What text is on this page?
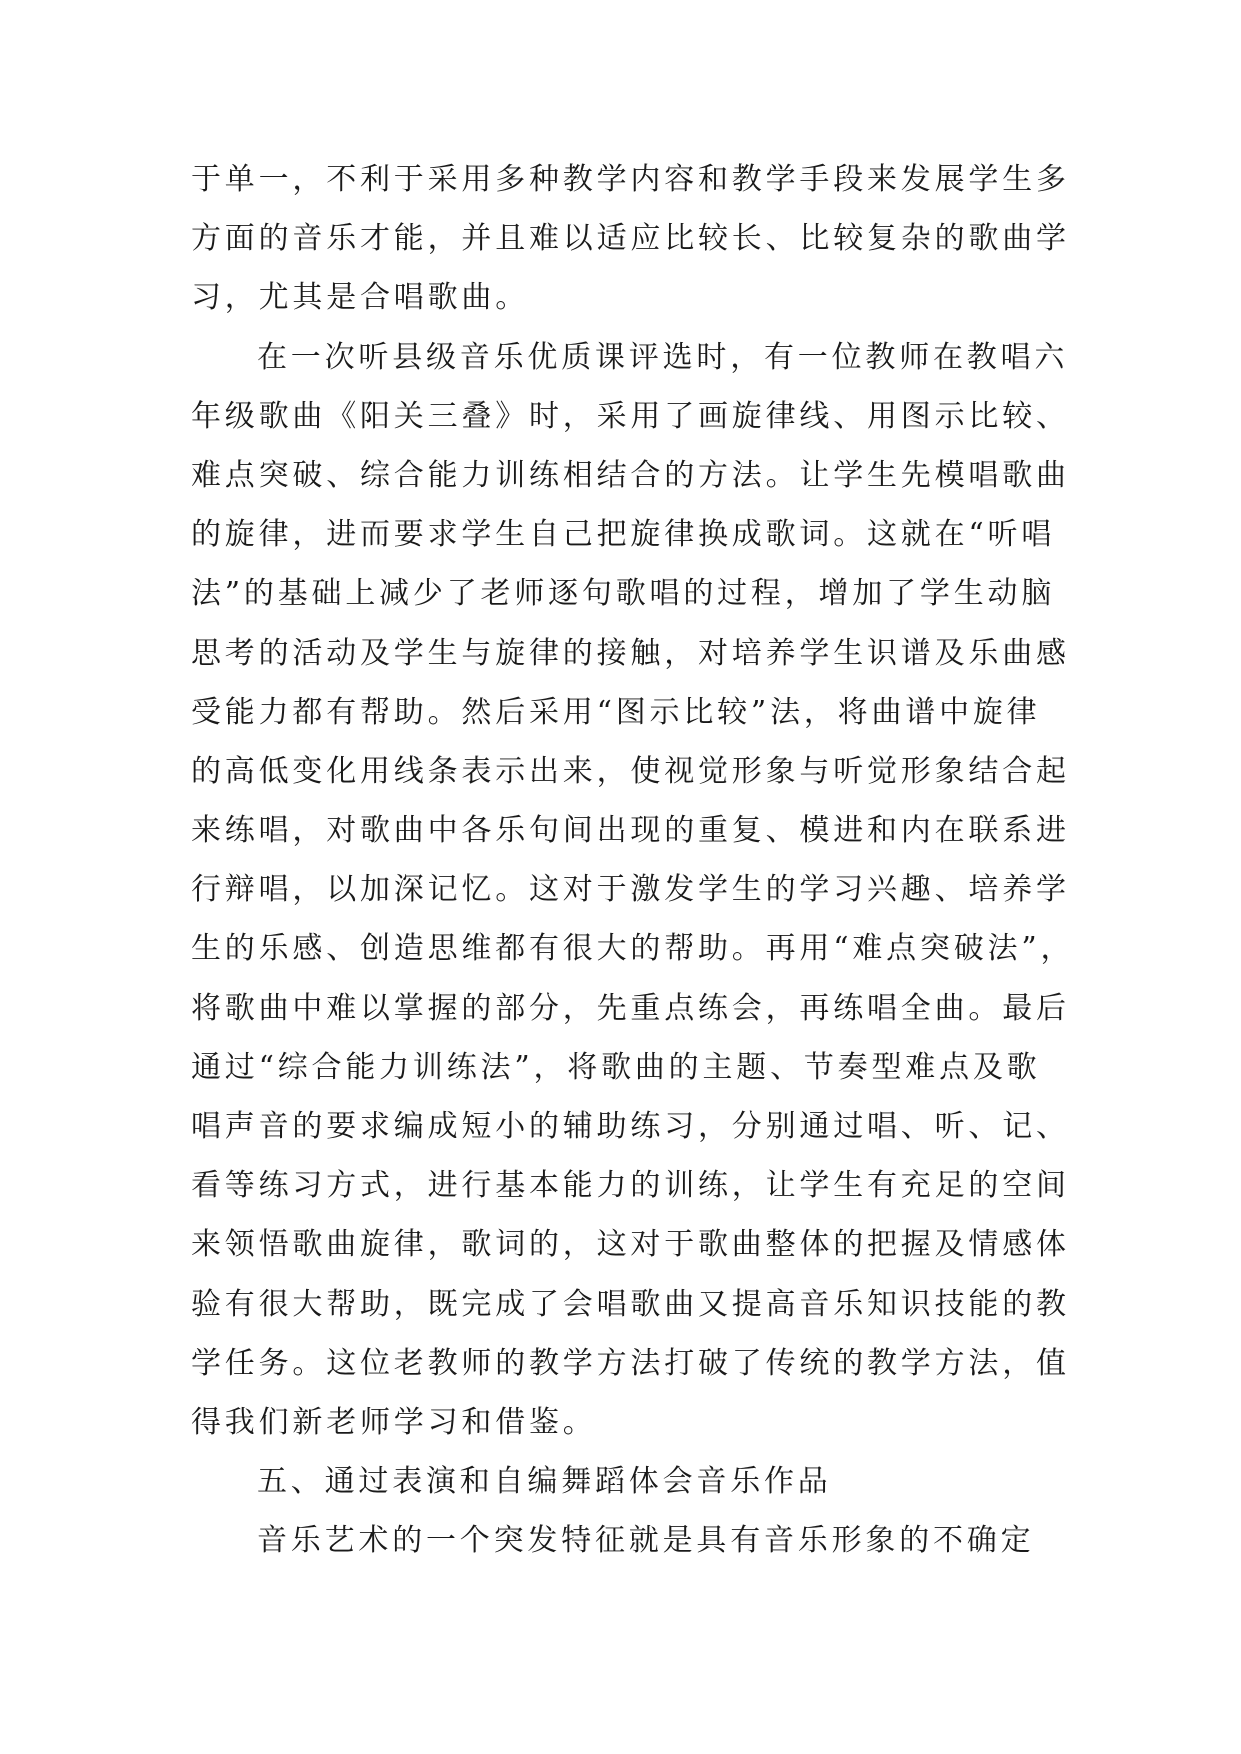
于单一，不利于采用多种教学内容和教学手段来发展学生多
方面的音乐才能，并且难以适应比较长、比较复杂的歌曲学
习，尤其是合唱歌曲。
在一次听县级音乐优质课评选时，有一位教师在教唱六
年级歌曲《阳关三叠》时，采用了画旋律线、用图示比较、
难点突破、综合能力训练相结合的方法。让学生先模唱歌曲
的旋律，进而要求学生自己把旋律换成歌词。这就在“听唱
法”的基础上减少了老师逐句歌唱的过程，增加了学生动脑
思考的活动及学生与旋律的接触，对培养学生识谱及乐曲感
受能力都有帮助。然后采用“图示比较”法，将曲谱中旋律
的高低变化用线条表示出来，使视觉形象与听觉形象结合起
来练唱，对歌曲中各乐句间出现的重复、模进和内在联系进
行辩唱，以加深记忆。这对于激发学生的学习兴趣、培养学
生的乐感、创造思维都有很大的帮助。再用“难点突破法”，
将歌曲中难以掌握的部分，先重点练会，再练唱全曲。最后
通过“综合能力训练法”，将歌曲的主题、节奏型难点及歌
唱声音的要求编成短小的辅助练习，分别通过唱、听、记、
看等练习方式，进行基本能力的训练，让学生有充足的空间
来领悟歌曲旋律，歌词的，这对于歌曲整体的把握及情感体
验有很大帮助，既完成了会唱歌曲又提高音乐知识技能的教
学任务。这位老教师的教学方法打破了传统的教学方法，值
得我们新老师学习和借鉴。
五、通过表演和自编舞蹈体会音乐作品
音乐艺术的一个突发特征就是具有音乐形象的不确定
